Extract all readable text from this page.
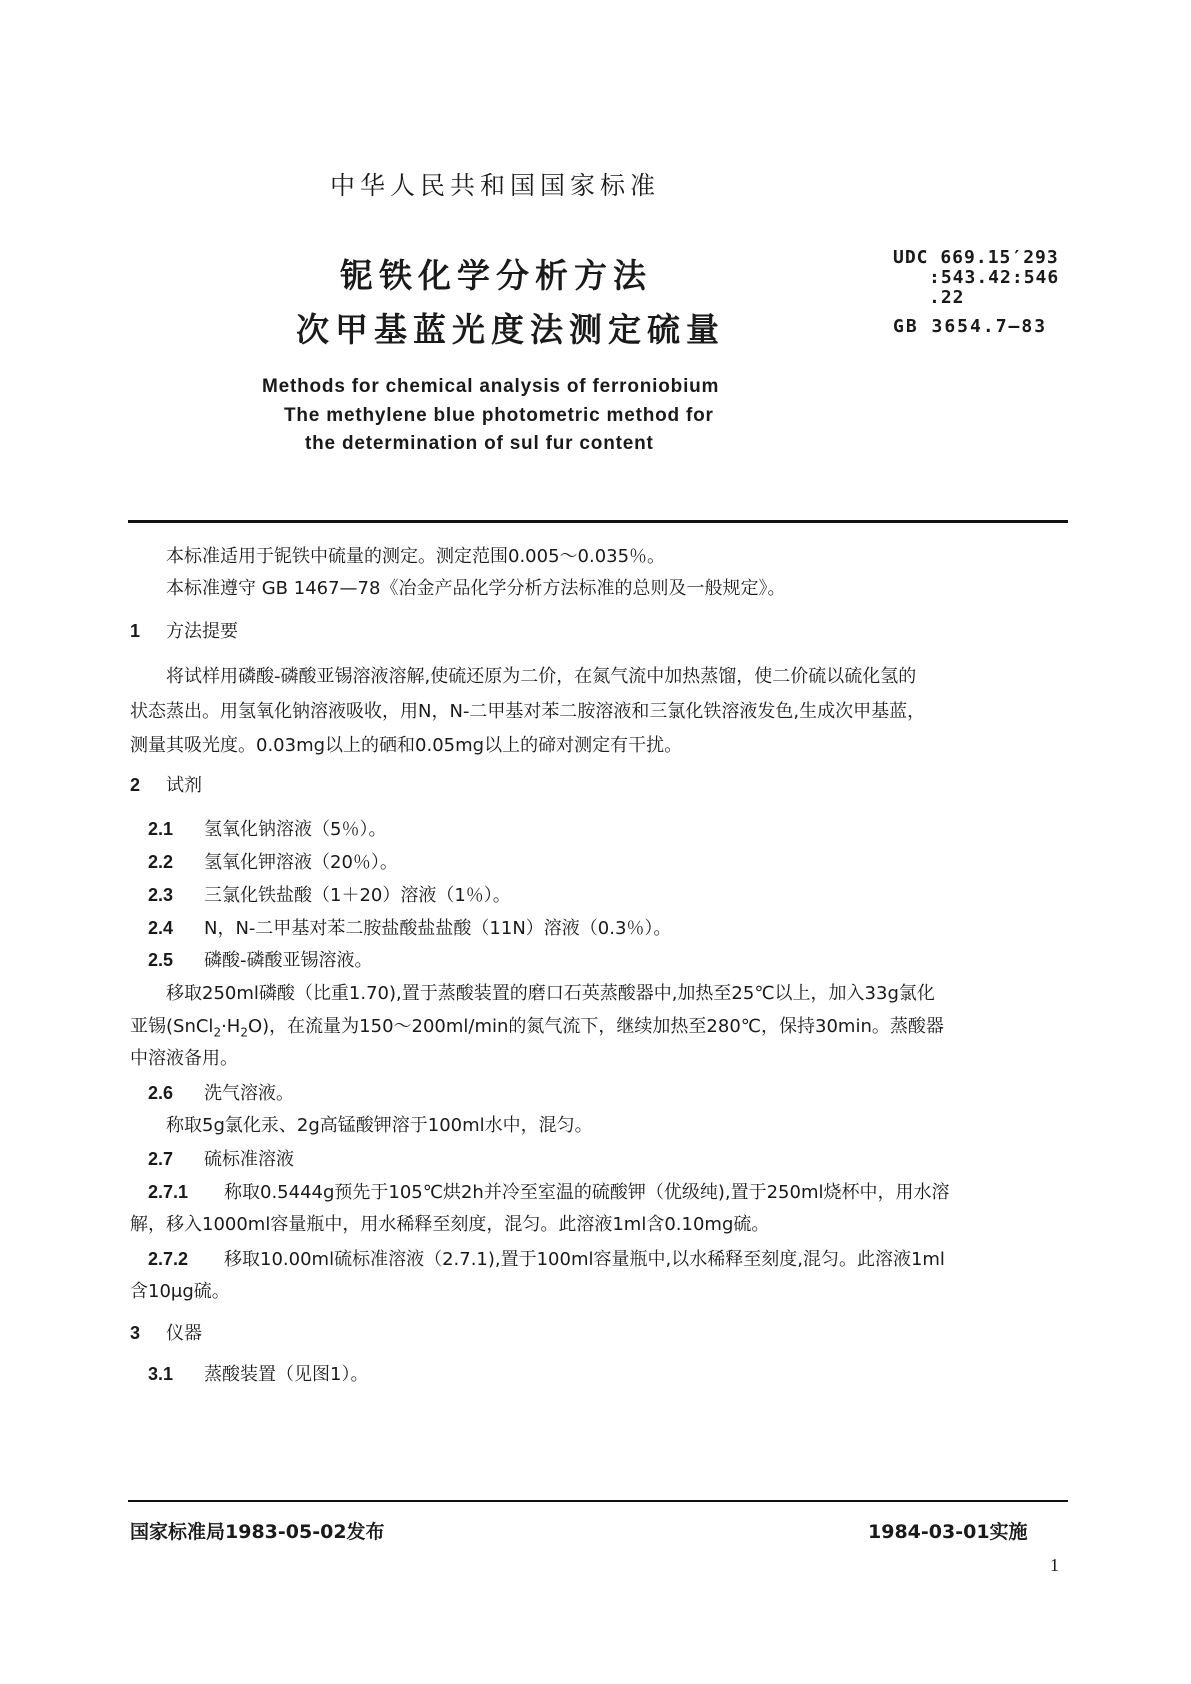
中华人民共和国国家标准
铌铁化学分析方法
次甲基蓝光度法测定硫量
UDC 669.15′293
:543.42:546
.22
GB 3654.7—83
Methods for chemical analysis of ferroniobium
The methylene blue photometric method for
the determination of sul fur content
本标准适用于铌铁中硫量的测定。测定范围0.005～0.035％。
本标准遵守 GB 1467—78《冶金产品化学分析方法标准的总则及一般规定》。
1 方法提要
将试样用磷酸-磷酸亚锡溶液溶解,使硫还原为二价，在氮气流中加热蒸馏，使二价硫以硫化氢的
状态蒸出。用氢氧化钠溶液吸收，用N，N-二甲基对苯二胺溶液和三氯化铁溶液发色,生成次甲基蓝，
测量其吸光度。0.03mg以上的硒和0.05mg以上的碲对测定有干扰。
2 试剂
2.1 氢氧化钠溶液（5％）。
2.2 氢氧化钾溶液（20％）。
2.3 三氯化铁盐酸（1＋20）溶液（1％）。
2.4 N，N-二甲基对苯二胺盐酸盐盐酸（11N）溶液（0.3％）。
2.5 磷酸-磷酸亚锡溶液。
移取250ml磷酸（比重1.70),置于蒸酸装置的磨口石英蒸酸器中,加热至25℃以上，加入33g氯化
亚锡$(SnCl_2\cdot H_2O)$，在流量为150～200ml/min的氮气流下，继续加热至280℃，保持30min。蒸酸器
中溶液备用。
2.6 洗气溶液。
称取5g氯化汞、2g高锰酸钾溶于100ml水中，混匀。
2.7 硫标准溶液
2.7.1 称取0.5444g预先于105℃烘2h并冷至室温的硫酸钾（优级纯),置于250ml烧杯中，用水溶
解，移入1000ml容量瓶中，用水稀释至刻度，混匀。此溶液1ml含0.10mg硫。
2.7.2 移取10.00ml硫标准溶液（2.7.1),置于100ml容量瓶中,以水稀释至刻度,混匀。此溶液1ml
含10μg硫。
3 仪器
3.1 蒸酸装置（见图1）。
国家标准局1983-05-02发布	1984-03-01实施
1
